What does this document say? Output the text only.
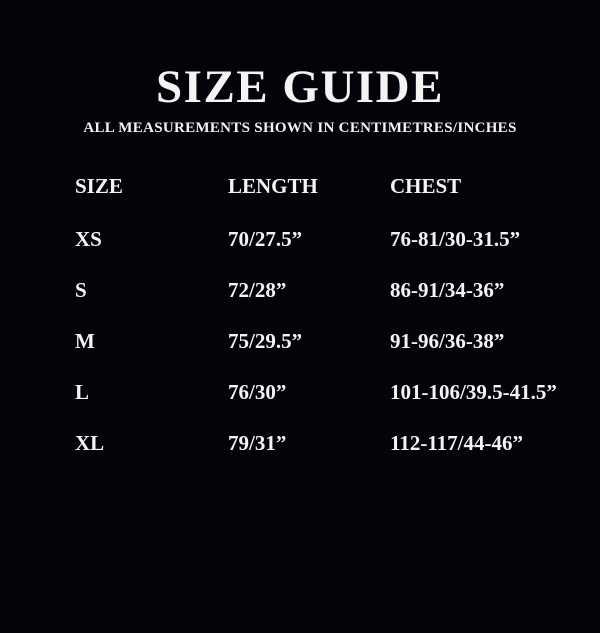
SIZE GUIDE

ALL MEASUREMENTS SHOWN IN CENTIMETRES/INCHES

SIZE	LENGTH	CHEST
XS	70/27.5”	76-81/30-31.5”
S	72/28”	86-91/34-36”
M	75/29.5”	91-96/36-38”
L	76/30”	101-106/39.5-41.5”
XL	79/31”	112-117/44-46”
